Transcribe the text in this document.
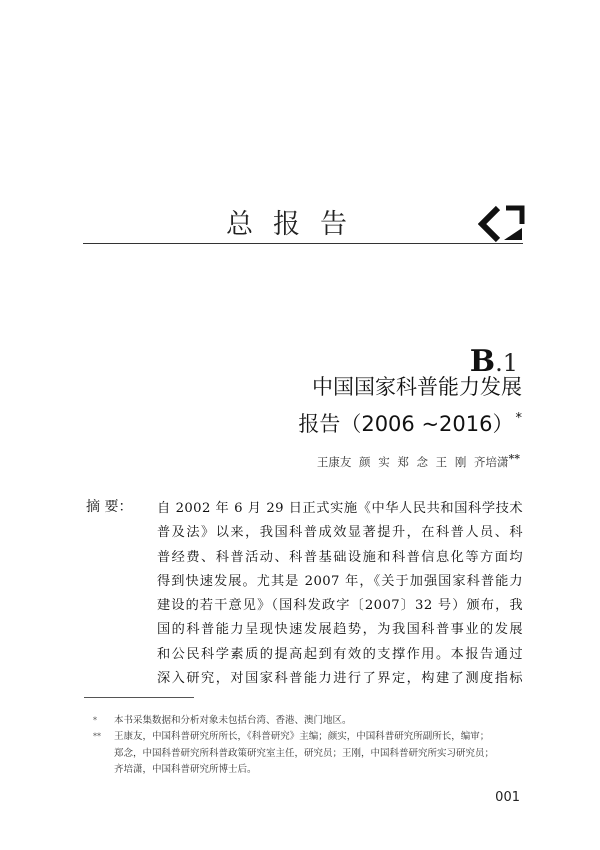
总报告
B.1
中国国家科普能力发展
报告（2006 ~2016） *
王康友 颜 实 郑 念 王 刚 齐培潇**
摘 要： 自 2002 年 6 月 29 日正式实施《中华人民共和国科学技术
普及法》以来，我国科普成效显著提升，在科普人员、科
普经费、科普活动、科普基础设施和科普信息化等方面均
得到快速发展。尤其是 2007 年，《关于加强国家科普能力
建设的若干意见》（国科发政字〔2007〕32 号）颁布，我
国的科普能力呈现快速发展趋势，为我国科普事业的发展
和公民科学素质的提高起到有效的支撑作用。本报告通过
深入研究，对国家科普能力进行了界定，构建了测度指标
* 本书采集数据和分析对象未包括台湾、香港、澳门地区。
** 王康友，中国科普研究所所长，《科普研究》主编；颜实，中国科普研究所副所长，编审；
郑念，中国科普研究所科普政策研究室主任，研究员；王刚，中国科普研究所实习研究员；
齐培潇，中国科普研究所博士后。
001
